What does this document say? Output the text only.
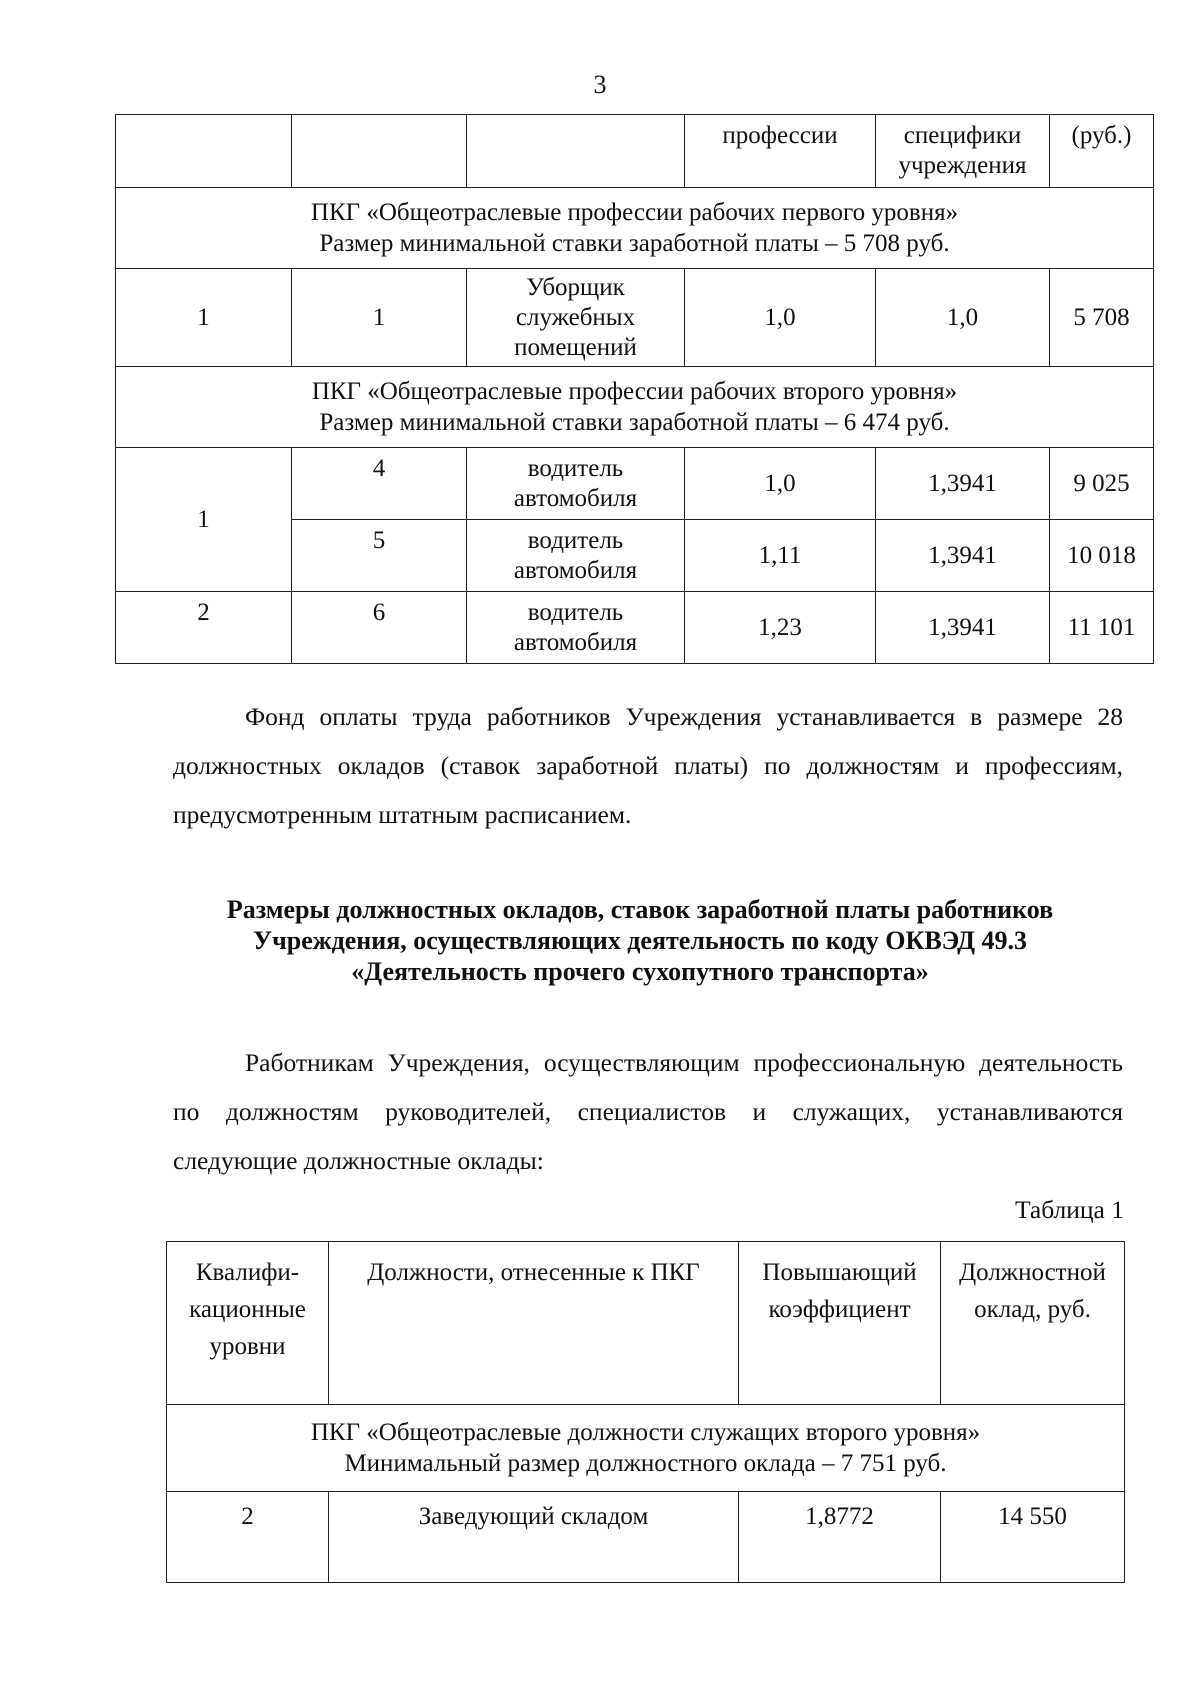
3
			профессии	специфики учреждения	(руб.)

ПКГ «Общеотраслевые профессии рабочих первого уровня»
Размер минимальной ставки заработной платы – 5 708 руб.					

1	1	Уборщик служебных помещений	1,0	1,0	5 708

ПКГ «Общеотраслевые профессии рабочих второго уровня»
Размер минимальной ставки заработной платы – 6 474 руб.					

1	4	водитель автомобиля	1,0	1,3941	9 025
	5	водитель автомобиля	1,11	1,3941	10 018
2	6	водитель автомобиля	1,23	1,3941	11 101

Фонд оплаты труда работников Учреждения устанавливается в размере 28 должностных окладов (ставок заработной платы) по должностям и профессиям, предусмотренным штатным расписанием.

Размеры должностных окладов, ставок заработной платы работников
Учреждения, осуществляющих деятельность по коду ОКВЭД 49.3
«Деятельность прочего сухопутного транспорта»

Работникам Учреждения, осуществляющим профессиональную деятельность по должностям руководителей, специалистов и служащих, устанавливаются следующие должностные оклады:

Таблица 1
Квалифи-кационные уровни	Должности, отнесенные к ПКГ	Повышающий коэффициент	Должностной оклад, руб.

ПКГ «Общеотраслевые должности служащих второго уровня»
Минимальный размер должностного оклада – 7 751 руб.			

2	Заведующий складом	1,8772	14 550
